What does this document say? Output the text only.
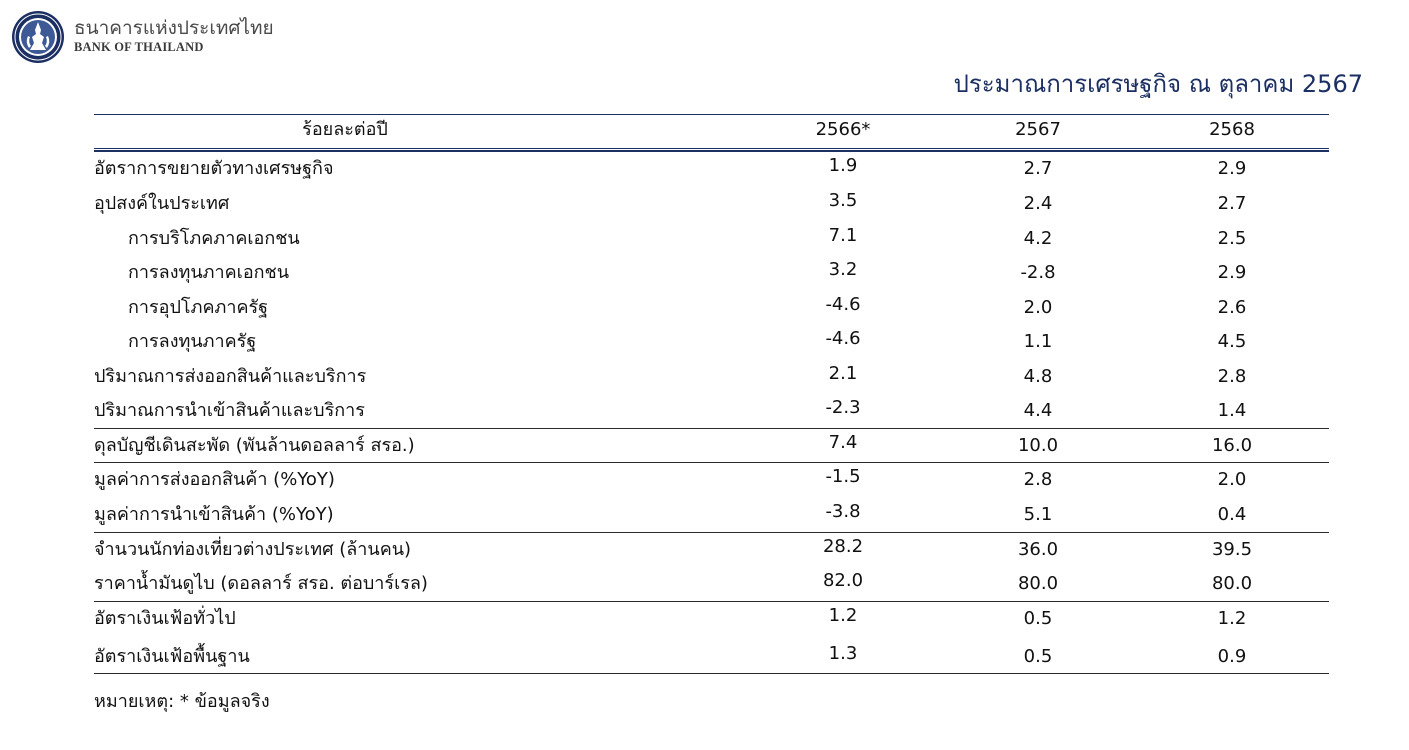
ธนาคารแห่งประเทศไทย
BANK OF THAILAND
ประมาณการเศรษฐกิจ ณ ตุลาคม 2567
ร้อยละต่อปี	2566*	2567	2568
อัตราการขยายตัวทางเศรษฐกิจ	1.9	2.7	2.9
อุปสงค์ในประเทศ	3.5	2.4	2.7
การบริโภคภาคเอกชน	7.1	4.2	2.5
การลงทุนภาคเอกชน	3.2	-2.8	2.9
การอุปโภคภาครัฐ	-4.6	2.0	2.6
การลงทุนภาครัฐ	-4.6	1.1	4.5
ปริมาณการส่งออกสินค้าและบริการ	2.1	4.8	2.8
ปริมาณการนำเข้าสินค้าและบริการ	-2.3	4.4	1.4
ดุลบัญชีเดินสะพัด (พันล้านดอลลาร์ สรอ.)	7.4	10.0	16.0
มูลค่าการส่งออกสินค้า (%YoY)	-1.5	2.8	2.0
มูลค่าการนำเข้าสินค้า (%YoY)	-3.8	5.1	0.4
จำนวนนักท่องเที่ยวต่างประเทศ (ล้านคน)	28.2	36.0	39.5
ราคาน้ำมันดูไบ (ดอลลาร์ สรอ. ต่อบาร์เรล)	82.0	80.0	80.0
อัตราเงินเฟ้อทั่วไป	1.2	0.5	1.2
อัตราเงินเฟ้อพื้นฐาน	1.3	0.5	0.9
หมายเหตุ: * ข้อมูลจริง
